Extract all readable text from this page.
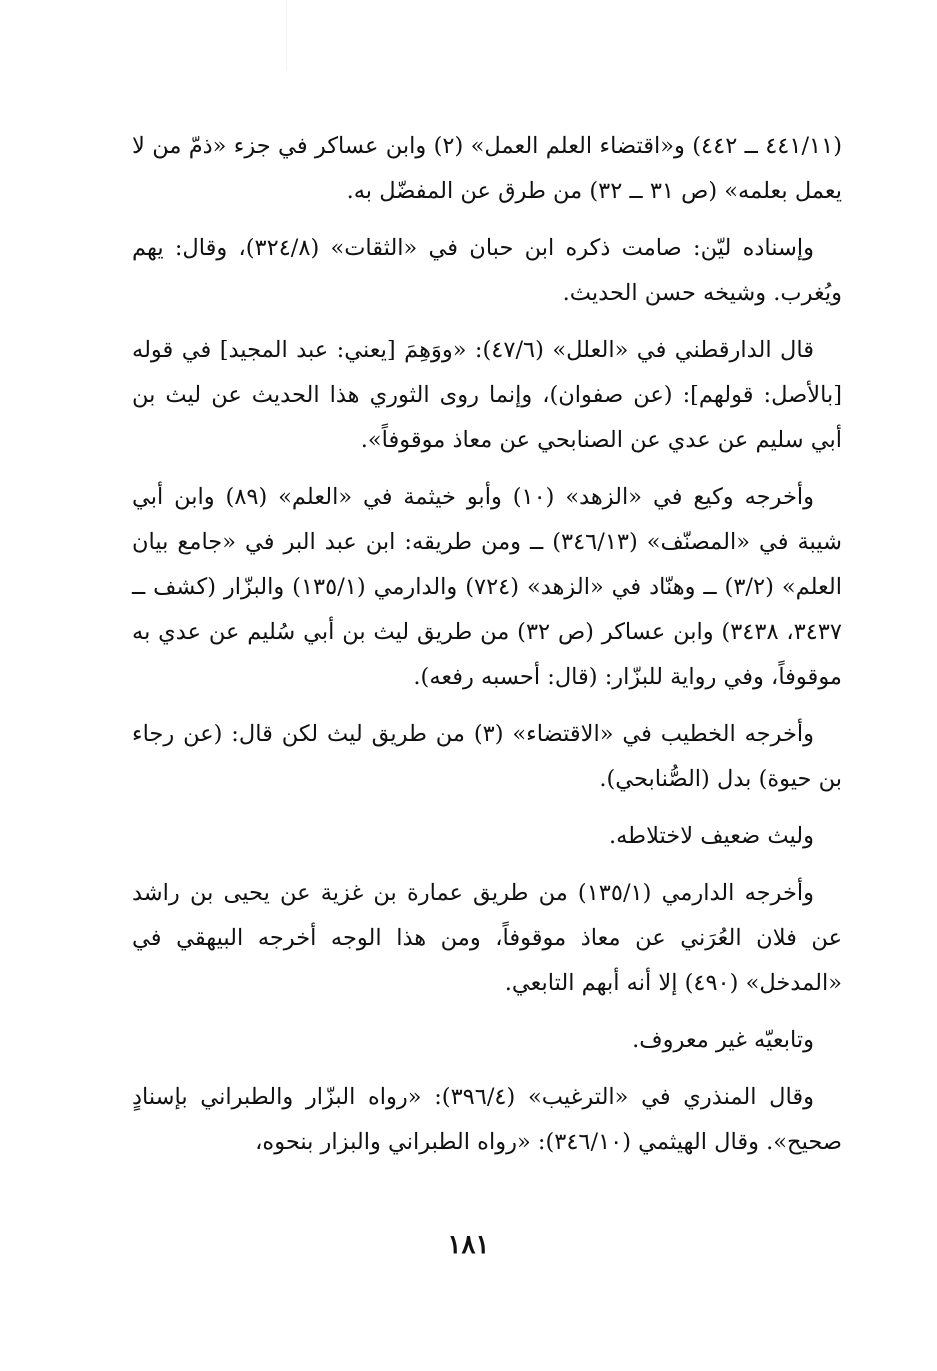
(٤٤١/١١ ــ ٤٤٢) و«اقتضاء العلم العمل» (٢) وابن عساكر في جزء «ذمّ من لا يعمل بعلمه» (ص ٣١ ــ ٣٢) من طرق عن المفضّل به.

وإسناده ليّن: صامت ذكره ابن حبان في «الثقات» (٣٢٤/٨)، وقال: يهم ويُغرب. وشيخه حسن الحديث.

قال الدارقطني في «العلل» (٤٧/٦): «ووَهِمَ [يعني: عبد المجيد] في قوله [بالأصل: قولهم]: (عن صفوان)، وإنما روى الثوري هذا الحديث عن ليث بن أبي سليم عن عدي عن الصنابحي عن معاذ موقوفاً».

وأخرجه وكيع في «الزهد» (١٠) وأبو خيثمة في «العلم» (٨٩) وابن أبي شيبة في «المصنّف» (٣٤٦/١٣) ــ ومن طريقه: ابن عبد البر في «جامع بيان العلم» (٣/٢) ــ وهنّاد في «الزهد» (٧٢٤) والدارمي (١٣٥/١) والبزّار (كشف ــ ٣٤٣٧، ٣٤٣٨) وابن عساكر (ص ٣٢) من طريق ليث بن أبي سُليم عن عدي به موقوفاً، وفي رواية للبزّار: (قال: أحسبه رفعه).

وأخرجه الخطيب في «الاقتضاء» (٣) من طريق ليث لكن قال: (عن رجاء بن حيوة) بدل (الصُّنابحي).

وليث ضعيف لاختلاطه.

وأخرجه الدارمي (١٣٥/١) من طريق عمارة بن غزية عن يحيى بن راشد عن فلان العُرَني عن معاذ موقوفاً، ومن هذا الوجه أخرجه البيهقي في «المدخل» (٤٩٠) إلا أنه أبهم التابعي.

وتابعيّه غير معروف.

وقال المنذري في «الترغيب» (٣٩٦/٤): «رواه البزّار والطبراني بإسنادٍ صحيح». وقال الهيثمي (٣٤٦/١٠): «رواه الطبراني والبزار بنحوه،

١٨١
